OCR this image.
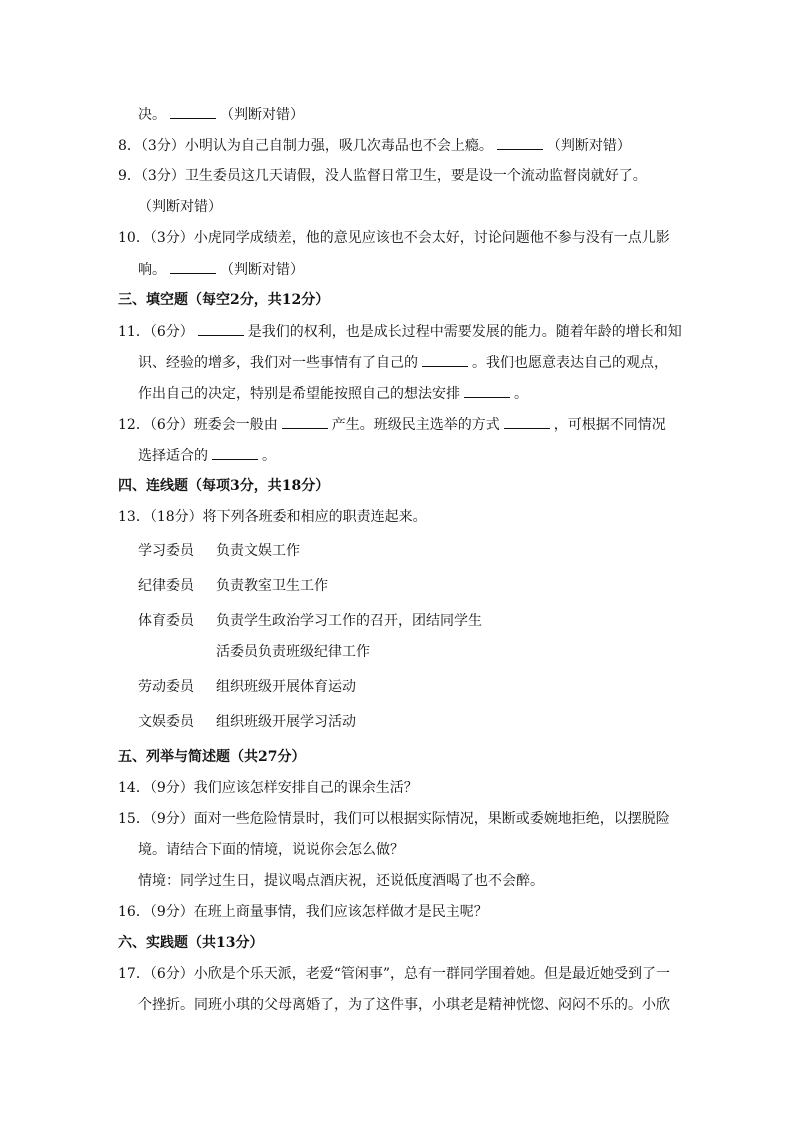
决。	（判断对错）
8．（3分）小明认为自己自制力强，吸几次毒品也不会上瘾。	（判断对错）
9．（3分）卫生委员这几天请假，没人监督日常卫生，要是设一个流动监督岗就好了。
（判断对错）
10．（3分）小虎同学成绩差，他的意见应该也不会太好，讨论问题他不参与没有一点儿影
响。	（判断对错）
三、填空题（每空2分，共12分）
11．（6分）	是我们的权利，也是成长过程中需要发展的能力。随着年龄的增长和知
识、经验的增多，我们对一些事情有了自己的	。我们也愿意表达自己的观点，
作出自己的决定，特别是希望能按照自己的想法安排	。
12．（6分）班委会一般由	产生。班级民主选举的方式	，可根据不同情况
选择适合的	。
四、连线题（每项3分，共18分）
13．（18分）将下列各班委和相应的职责连起来。
学习委员 负责文娱工作
纪律委员 负责教室卫生工作
体育委员 负责学生政治学习工作的召开，团结同学生
活委员负责班级纪律工作
劳动委员 组织班级开展体育运动
文娱委员 组织班级开展学习活动
五、列举与简述题（共27分）
14．（9分）我们应该怎样安排自己的课余生活？
15．（9分）面对一些危险情景时，我们可以根据实际情况，果断或委婉地拒绝，以摆脱险
境。请结合下面的情境，说说你会怎么做？
情境：同学过生日，提议喝点酒庆祝，还说低度酒喝了也不会醉。
16．（9分）在班上商量事情，我们应该怎样做才是民主呢？
六、实践题（共13分）
17．（6分）小欣是个乐天派，老爱“管闲事”，总有一群同学围着她。但是最近她受到了一
个挫折。同班小琪的父母离婚了，为了这件事，小琪老是精神恍惚、闷闷不乐的。小欣
